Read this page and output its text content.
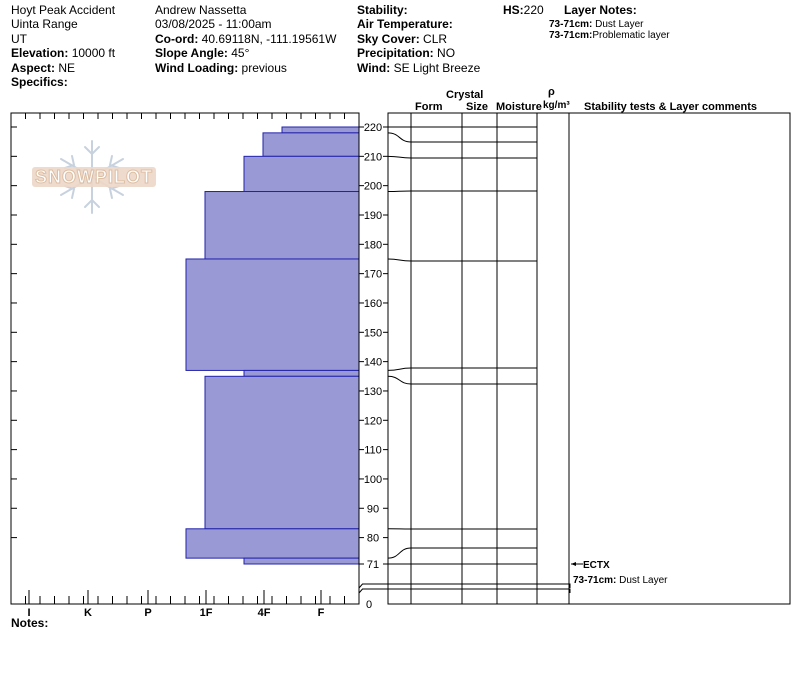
Hoyt Peak Accident
Uinta Range
UT
Elevation: 10000 ft
Aspect: NE
Specifics:
Andrew Nassetta
03/08/2025 - 11:00am
Co-ord: 40.69118N, -111.19561W
Slope Angle: 45°
Wind Loading: previous
Stability:
Air Temperature:
Sky Cover: CLR
Precipitation: NO
Wind: SE Light Breeze
HS:220 Layer Notes:
73-71cm: Dust Layer
73-71cm:Problematic layer
Crystal
Form Size Moisture
ρ
kg/m³ Stability tests & Layer comments
SNOWPILOT
I	K	P	1F	4F	F
0
71
80
90
100
110
120
130
140
150
160
170
180
190
200
210
220
ECTX
73-71cm: Dust Layer
Notes:
